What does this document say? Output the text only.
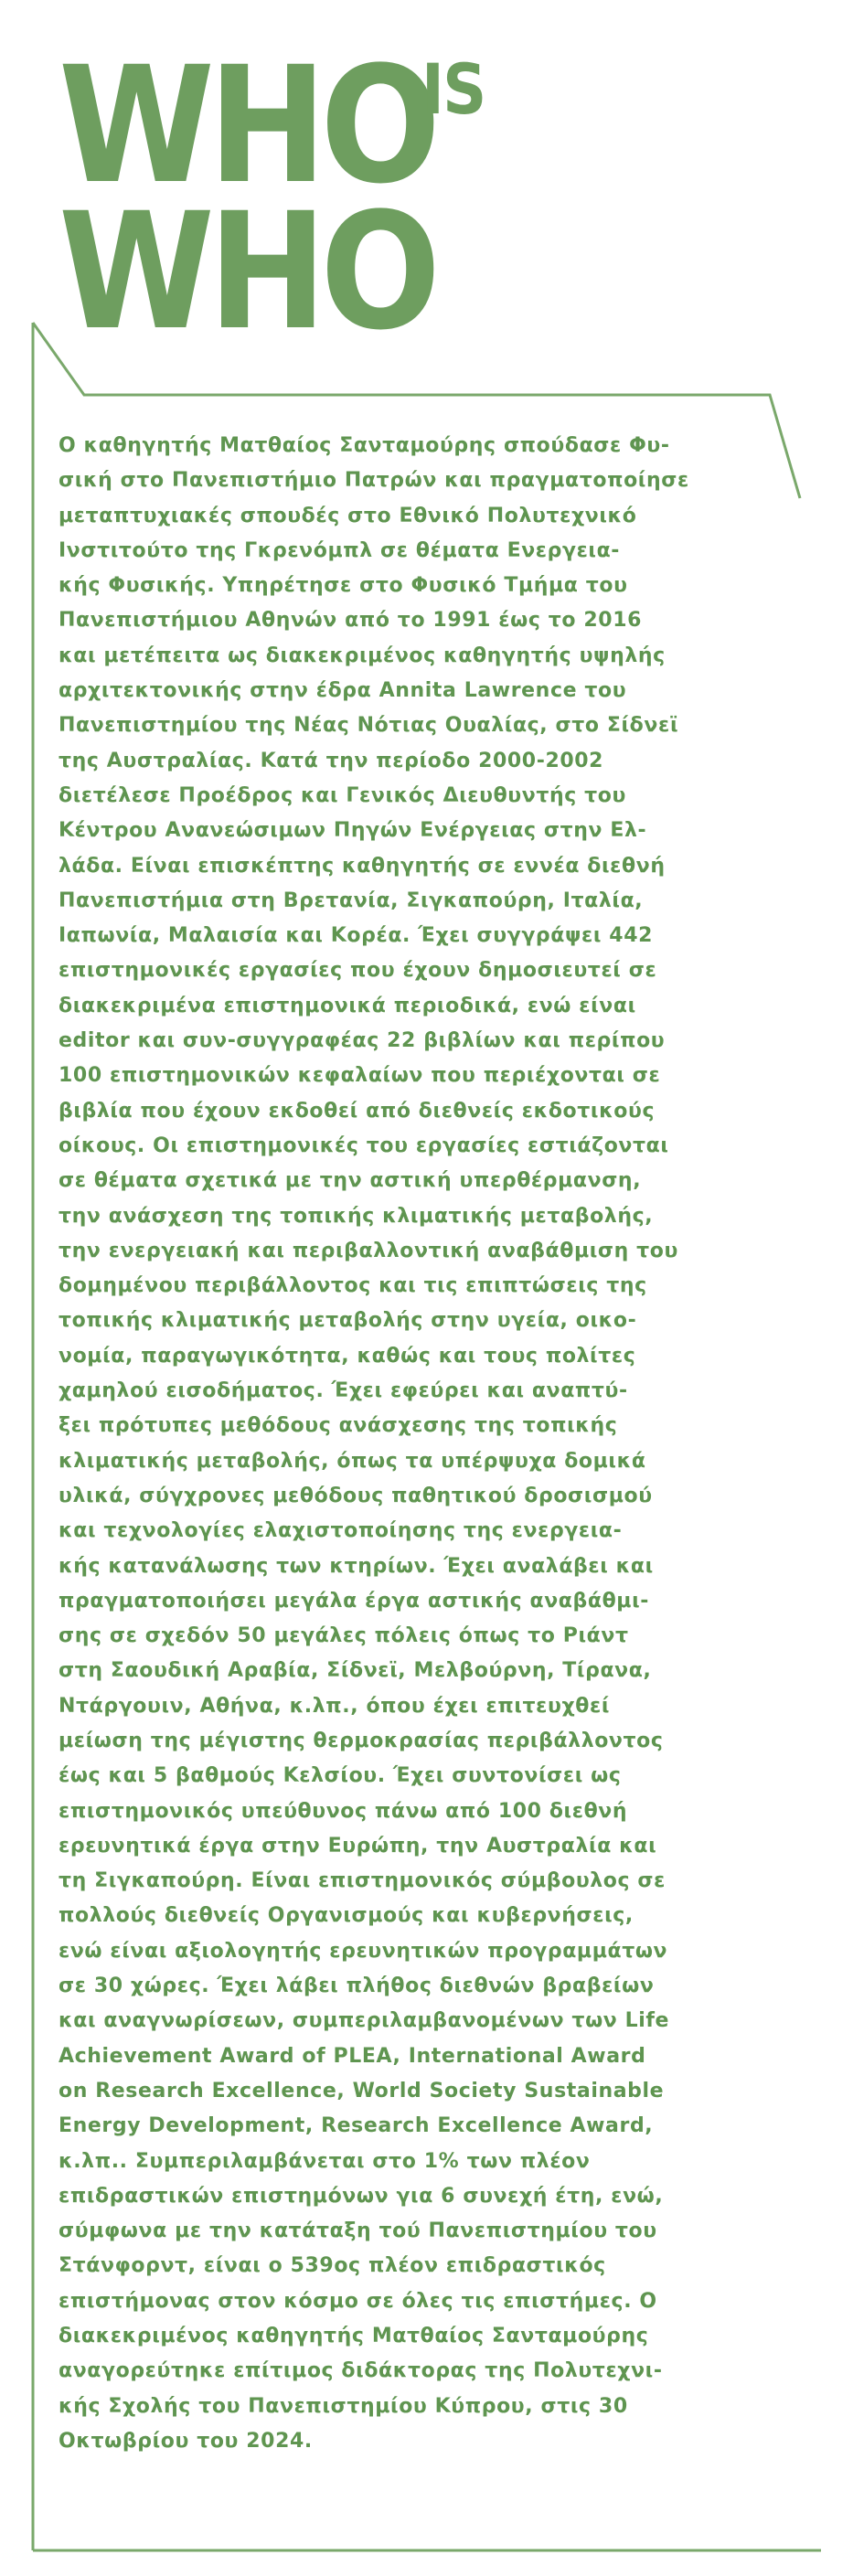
WHO
WHO
IS

Ο καθηγητής Ματθαίος Σανταμούρης σπούδασε Φυ-
σική στο Πανεπιστήμιο Πατρών και πραγματοποίησε
μεταπτυχιακές σπουδές στο Εθνικό Πολυτεχνικό
Ινστιτούτο της Γκρενόμπλ σε θέματα Ενεργεια-
κής Φυσικής. Υπηρέτησε στο Φυσικό Τμήμα του
Πανεπιστήμιου Αθηνών από το 1991 έως το 2016
και μετέπειτα ως διακεκριμένος καθηγητής υψηλής
αρχιτεκτονικής στην έδρα Annita Lawrence του
Πανεπιστημίου της Νέας Νότιας Ουαλίας, στο Σίδνεϊ
της Αυστραλίας. Κατά την περίοδο 2000-2002
διετέλεσε Προέδρος και Γενικός Διευθυντής του
Κέντρου Ανανεώσιμων Πηγών Ενέργειας στην Ελ-
λάδα. Είναι επισκέπτης καθηγητής σε εννέα διεθνή
Πανεπιστήμια στη Βρετανία, Σιγκαπούρη, Ιταλία,
Ιαπωνία, Μαλαισία και Κορέα. Έχει συγγράψει 442
επιστημονικές εργασίες που έχουν δημοσιευτεί σε
διακεκριμένα επιστημονικά περιοδικά, ενώ είναι
editor και συν-συγγραφέας 22 βιβλίων και περίπου
100 επιστημονικών κεφαλαίων που περιέχονται σε
βιβλία που έχουν εκδοθεί από διεθνείς εκδοτικούς
οίκους. Οι επιστημονικές του εργασίες εστιάζονται
σε θέματα σχετικά με την αστική υπερθέρμανση,
την ανάσχεση της τοπικής κλιματικής μεταβολής,
την ενεργειακή και περιβαλλοντική αναβάθμιση του
δομημένου περιβάλλοντος και τις επιπτώσεις της
τοπικής κλιματικής μεταβολής στην υγεία, οικο-
νομία, παραγωγικότητα, καθώς και τους πολίτες
χαμηλού εισοδήματος. Έχει εφεύρει και αναπτύ-
ξει πρότυπες μεθόδους ανάσχεσης της τοπικής
κλιματικής μεταβολής, όπως τα υπέρψυχα δομικά
υλικά, σύγχρονες μεθόδους παθητικού δροσισμού
και τεχνολογίες ελαχιστοποίησης της ενεργεια-
κής κατανάλωσης των κτηρίων. Έχει αναλάβει και
πραγματοποιήσει μεγάλα έργα αστικής αναβάθμι-
σης σε σχεδόν 50 μεγάλες πόλεις όπως το Ριάντ
στη Σαουδική Αραβία, Σίδνεϊ, Μελβούρνη, Τίρανα,
Ντάργουιν, Αθήνα, κ.λπ., όπου έχει επιτευχθεί
μείωση της μέγιστης θερμοκρασίας περιβάλλοντος
έως και 5 βαθμούς Κελσίου. Έχει συντονίσει ως
επιστημονικός υπεύθυνος πάνω από 100 διεθνή
ερευνητικά έργα στην Ευρώπη, την Αυστραλία και
τη Σιγκαπούρη. Είναι επιστημονικός σύμβουλος σε
πολλούς διεθνείς Οργανισμούς και κυβερνήσεις,
ενώ είναι αξιολογητής ερευνητικών προγραμμάτων
σε 30 χώρες. Έχει λάβει πλήθος διεθνών βραβείων
και αναγνωρίσεων, συμπεριλαμβανομένων των Life
Achievement Award of PLEA, International Award
on Research Excellence, World Society Sustainable
Energy Development, Research Excellence Award,
κ.λπ.. Συμπεριλαμβάνεται στο 1% των πλέον
επιδραστικών επιστημόνων για 6 συνεχή έτη, ενώ,
σύμφωνα με την κατάταξη τού Πανεπιστημίου του
Στάνφορντ, είναι ο 539ος πλέον επιδραστικός
επιστήμονας στον κόσμο σε όλες τις επιστήμες. Ο
διακεκριμένος καθηγητής Ματθαίος Σανταμούρης
αναγορεύτηκε επίτιμος διδάκτορας της Πολυτεχνι-
κής Σχολής του Πανεπιστημίου Κύπρου, στις 30
Οκτωβρίου του 2024.
